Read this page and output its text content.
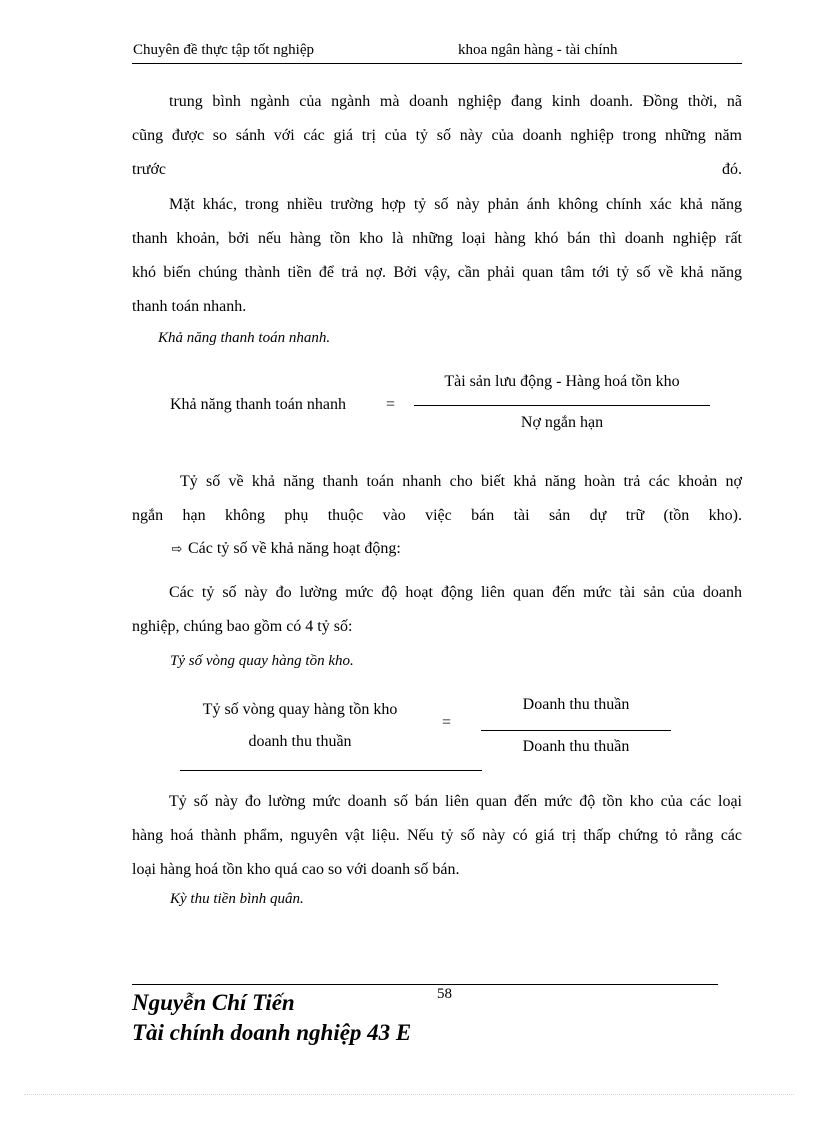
Chuyên đề thực tập tốt nghiệp	khoa ngân hàng - tài chính
trung bình ngành của ngành mà doanh nghiệp đang kinh doanh. Đồng thời, nã
cũng được so sánh với các giá trị của tỷ số này của doanh nghiệp trong những năm
trước	đó.
Mặt khác, trong nhiều trường hợp tỷ số này phản ánh không chính xác khả năng
thanh khoản, bởi nếu hàng tồn kho là những loại hàng khó bán thì doanh nghiệp rất
khó biến chúng thành tiền để trả nợ. Bởi vậy, cần phải quan tâm tới tỷ số về khả năng
thanh toán nhanh.
Khả năng thanh toán nhanh.
Khả năng thanh toán nhanh	=
Tài sản lưu động - Hàng hoá tồn kho
Nợ ngắn hạn
Tỷ số về khả năng thanh toán nhanh cho biết khả năng hoàn trả các khoản nợ
ngắn hạn không phụ thuộc vào việc bán tài sản dự trữ (tồn kho).
⇨ Các tỷ số về khả năng hoạt động:
Các tỷ số này đo lường mức độ hoạt động liên quan đến mức tài sản của doanh
nghiệp, chúng bao gồm có 4 tỷ số:
Tỷ số vòng quay hàng tồn kho.
Tỷ số vòng quay hàng tồn kho
doanh thu thuần
=
Doanh thu thuần
Doanh thu thuần
Tỷ số này đo lường mức doanh số bán liên quan đến mức độ tồn kho của các loại
hàng hoá thành phẩm, nguyên vật liệu. Nếu tỷ số này có giá trị thấp chứng tỏ rằng các
loại hàng hoá tồn kho quá cao so với doanh số bán.
Kỳ thu tiền bình quân.
58
Nguyễn Chí Tiến
Tài chính doanh nghiệp 43 E
